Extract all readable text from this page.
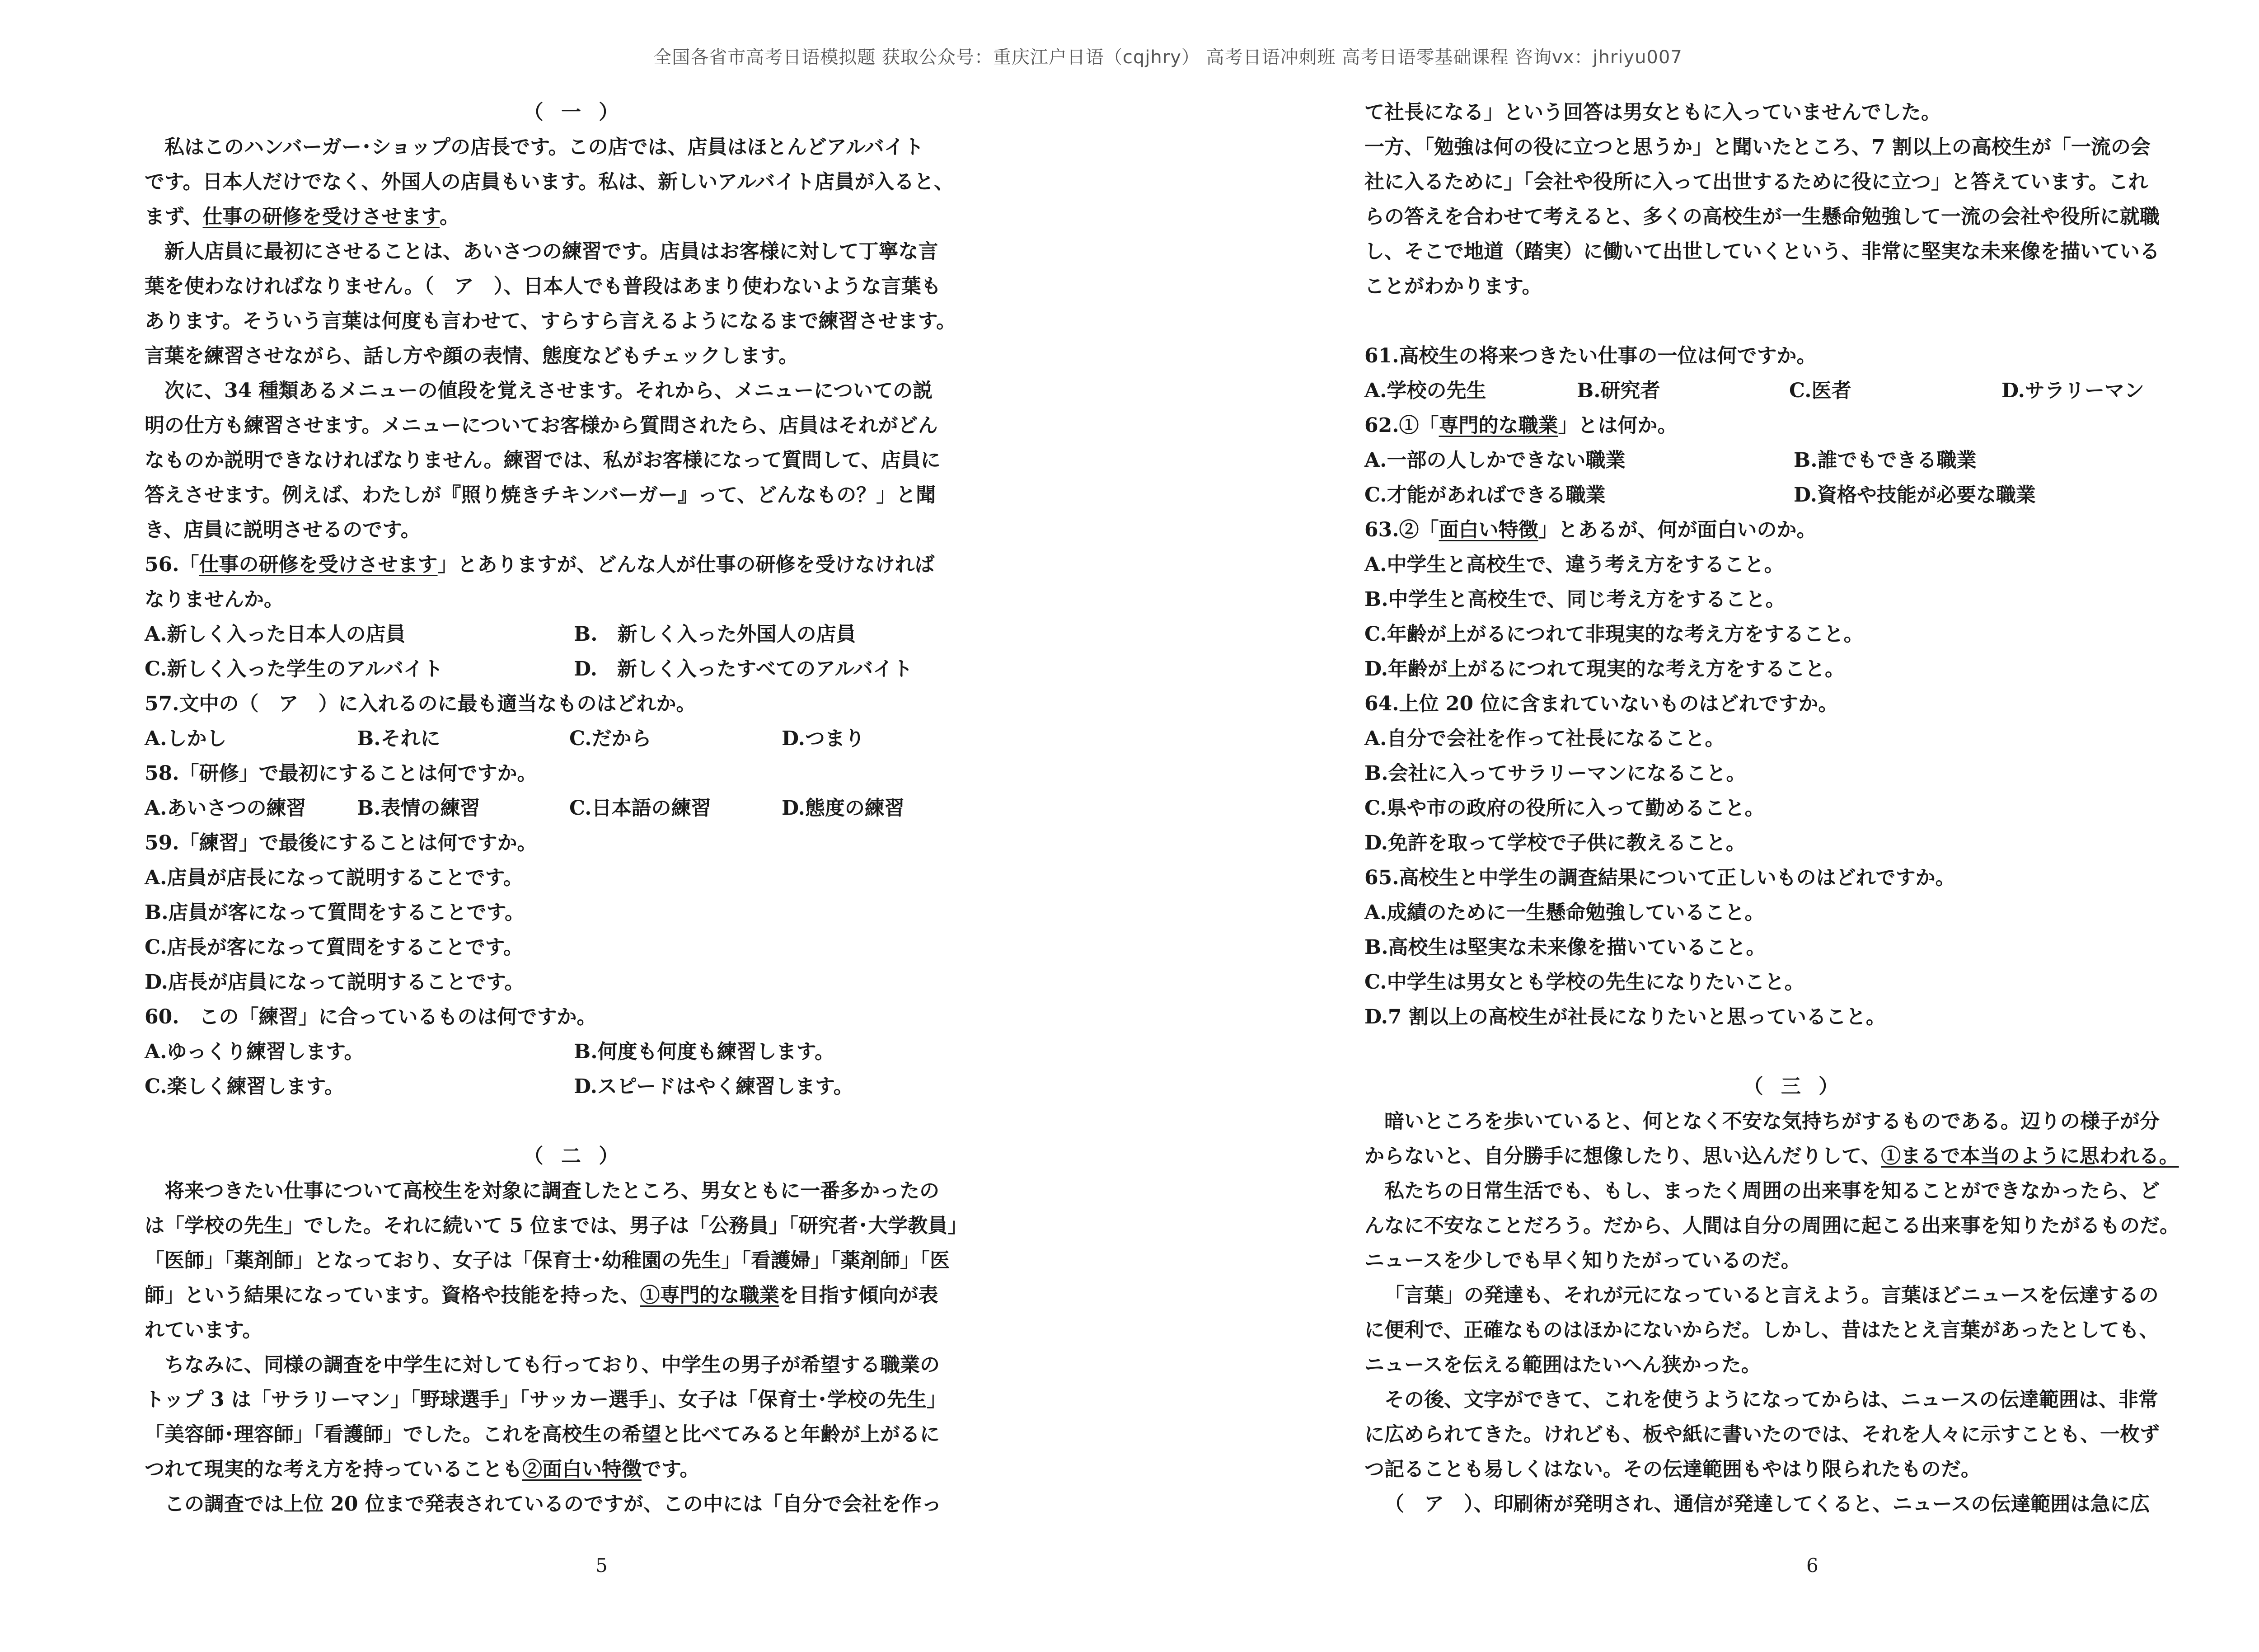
全国各省市高考日语模拟题 获取公众号：重庆江户日语（cqjhry） 高考日语冲刺班 高考日语零基础课程 咨询vx：jhriyu007
（ 一 ）
私はこのハンバーガー･ショップの店長です。この店では、店員はほとんどアルバイト
です。日本人だけでなく、外国人の店員もいます。私は、新しいアルバイト店員が入ると、
まず、仕事の研修を受けさせます。
新人店員に最初にさせることは、あいさつの練習です。店員はお客様に対して丁寧な言
葉を使わなければなりません。（　ア　）、日本人でも普段はあまり使わないような言葉も
あります。そういう言葉は何度も言わせて、すらすら言えるようになるまで練習させます。
言葉を練習させながら、話し方や顔の表情、態度などもチェックします。
次に、34 種類あるメニューの値段を覚えさせます。それから、メニューについての説
明の仕方も練習させます。メニューについてお客様から質問されたら、店員はそれがどん
なものか説明できなければなりません。練習では、私がお客様になって質問して、店員に
答えさせます。例えば、わたしが『照り焼きチキンバーガー』って、どんなもの？」と聞
き、店員に説明させるのです。
56.「仕事の研修を受けさせます」とありますが、どんな人が仕事の研修を受けなければ
なりませんか。
A.新しく入った日本人の店員	B.　新しく入った外国人の店員
C.新しく入った学生のアルバイト	D.　新しく入ったすべてのアルバイト
57.文中の（　ア　）に入れるのに最も適当なものはどれか。
A.しかし	B.それに	C.だから	D.つまり
58.「研修」で最初にすることは何ですか。
A.あいさつの練習	B.表情の練習	C.日本語の練習	D.態度の練習
59.「練習」で最後にすることは何ですか。
A.店員が店長になって説明することです。
B.店員が客になって質問をすることです。
C.店長が客になって質問をすることです。
D.店長が店員になって説明することです。
60.　この「練習」に合っているものは何ですか。
A.ゆっくり練習します。	B.何度も何度も練習します。
C.楽しく練習します。	D.スピードはやく練習します。
（ 二 ）
将来つきたい仕事について高校生を対象に調査したところ、男女ともに一番多かったの
は「学校の先生」でした。それに続いて 5 位までは、男子は「公務員」「研究者･大学教員」
「医師」「薬剤師」となっており、女子は「保育士･幼稚園の先生」「看護婦」「薬剤師」「医
師」という結果になっています。資格や技能を持った、①専門的な職業を目指す傾向が表
れています。
ちなみに、同様の調査を中学生に対しても行っており、中学生の男子が希望する職業の
トップ 3 は「サラリーマン」「野球選手」「サッカー選手」、女子は「保育士･学校の先生」
「美容師･理容師」「看護師」でした。これを高校生の希望と比べてみると年齢が上がるに
つれて現実的な考え方を持っていることも②面白い特徴です。
この調査では上位 20 位まで発表されているのですが、この中には「自分で会社を作っ
5
て社長になる」という回答は男女ともに入っていませんでした。
一方、「勉強は何の役に立つと思うか」と聞いたところ、7 割以上の高校生が「一流の会
社に入るために」「会社や役所に入って出世するために役に立つ」と答えています。これ
らの答えを合わせて考えると、多くの高校生が一生懸命勉強して一流の会社や役所に就職
し、そこで地道（踏実）に働いて出世していくという、非常に堅実な未来像を描いている
ことがわかります。
61.高校生の将来つきたい仕事の一位は何ですか。
A.学校の先生	B.研究者	C.医者	D.サラリーマン
62.①「専門的な職業」とは何か。
A.一部の人しかできない職業	B.誰でもできる職業
C.才能があればできる職業	D.資格や技能が必要な職業
63.②「面白い特徴」とあるが、何が面白いのか。
A.中学生と高校生で、違う考え方をすること。
B.中学生と高校生で、同じ考え方をすること。
C.年齢が上がるにつれて非現実的な考え方をすること。
D.年齢が上がるにつれて現実的な考え方をすること。
64.上位 20 位に含まれていないものはどれですか。
A.自分で会社を作って社長になること。
B.会社に入ってサラリーマンになること。
C.県や市の政府の役所に入って勤めること。
D.免許を取って学校で子供に教えること。
65.高校生と中学生の調査結果について正しいものはどれですか。
A.成績のために一生懸命勉強していること。
B.高校生は堅実な未来像を描いていること。
C.中学生は男女とも学校の先生になりたいこと。
D.7 割以上の高校生が社長になりたいと思っていること。
（ 三 ）
暗いところを歩いていると、何となく不安な気持ちがするものである。辺りの様子が分
からないと、自分勝手に想像したり、思い込んだりして、①まるで本当のように思われる。
私たちの日常生活でも、もし、まったく周囲の出来事を知ることができなかったら、ど
んなに不安なことだろう。だから、人間は自分の周囲に起こる出来事を知りたがるものだ。
ニュースを少しでも早く知りたがっているのだ。
「言葉」の発達も、それが元になっていると言えよう。言葉ほどニュースを伝達するの
に便利で、正確なものはほかにないからだ。しかし、昔はたとえ言葉があったとしても、
ニュースを伝える範囲はたいへん狭かった。
その後、文字ができて、これを使うようになってからは、ニュースの伝達範囲は、非常
に広められてきた。けれども、板や紙に書いたのでは、それを人々に示すことも、一枚ず
つ記ることも易しくはない。その伝達範囲もやはり限られたものだ。
（　ア　）、印刷術が発明され、通信が発達してくると、ニュースの伝達範囲は急に広
6
